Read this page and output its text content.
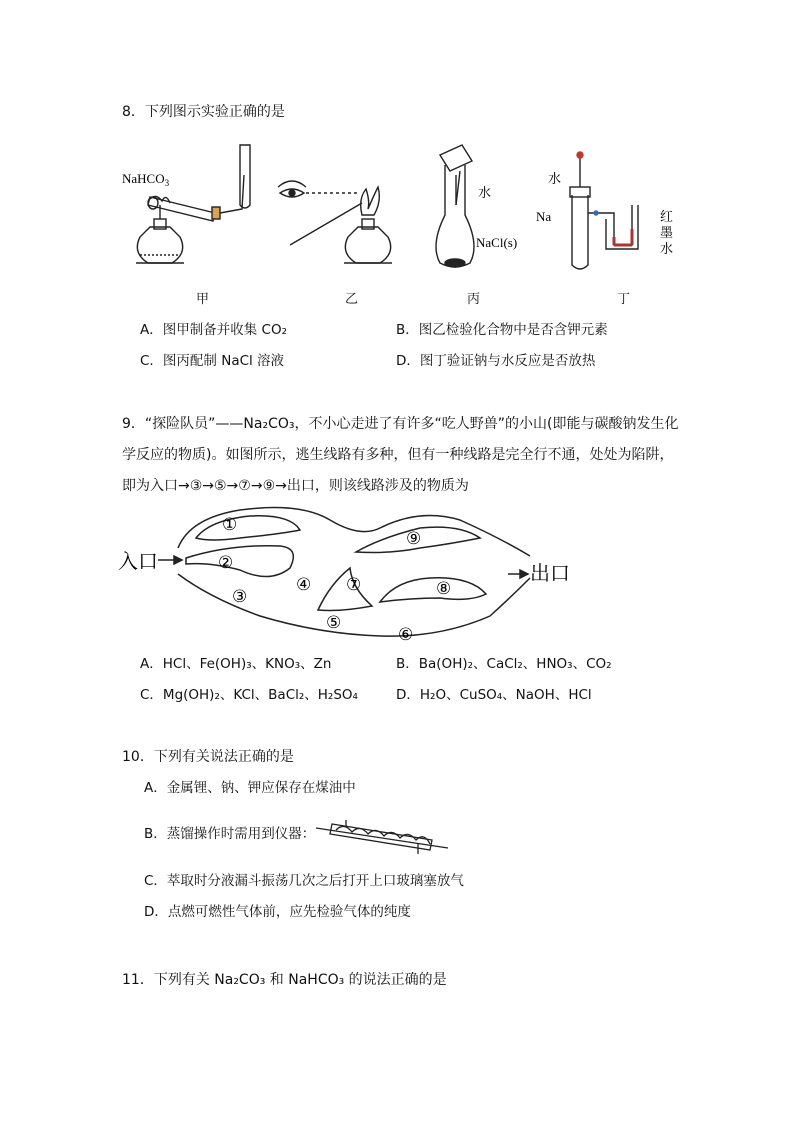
8．下列图示实验正确的是
NaHCO$_3$
水
NaCl(s)
水
Na	红
墨
水
甲	乙	丙	丁
A．图甲制备并收集 CO₂	B．图乙检验化合物中是否含钾元素
C．图丙配制 NaCl 溶液	D．图丁验证钠与水反应是否放热
9．“探险队员”——Na₂CO₃，不小心走进了有许多“吃人野兽”的小山(即能与碳酸钠发生化
学反应的物质)。如图所示，逃生线路有多种，但有一种线路是完全行不通，处处为陷阱，
即为入口→③→⑤→⑦→⑨→出口，则该线路涉及的物质为
入口
出口
①
②
③
④
⑤
⑥
⑦	⑧
⑨
A．HCl、Fe(OH)₃、KNO₃、Zn	B．Ba(OH)₂、CaCl₂、HNO₃、CO₂
C．Mg(OH)₂、KCl、BaCl₂、H₂SO₄	D．H₂O、CuSO₄、NaOH、HCl
10．下列有关说法正确的是
A．金属锂、钠、钾应保存在煤油中
B．蒸馏操作时需用到仪器：
C．萃取时分液漏斗振荡几次之后打开上口玻璃塞放气
D．点燃可燃性气体前，应先检验气体的纯度
11．下列有关 Na₂CO₃ 和 NaHCO₃ 的说法正确的是
